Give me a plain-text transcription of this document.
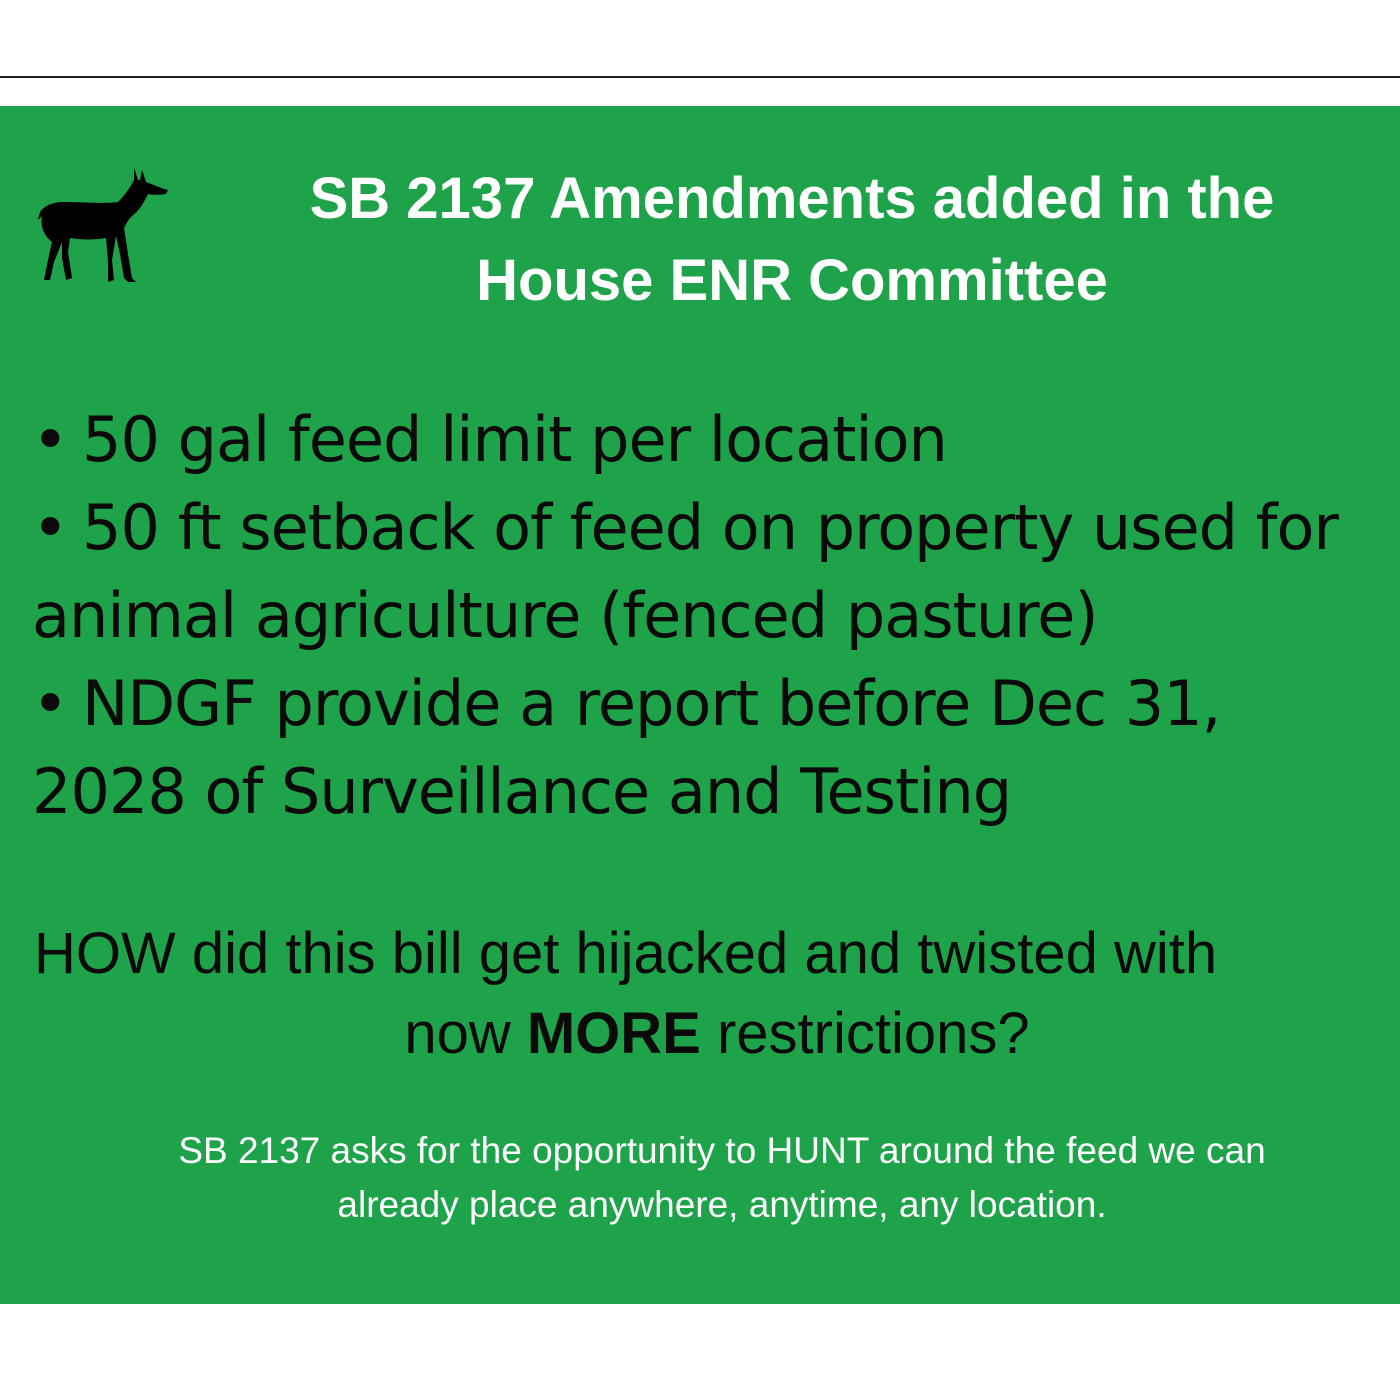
SB 2137 Amendments added in the
House ENR Committee
• 50 gal feed limit per location
• 50 ft setback of feed on property used for
animal agriculture (fenced pasture)
• NDGF provide a report before Dec 31,
2028 of Surveillance and Testing
HOW did this bill get hijacked and twisted with
now MORE restrictions?
SB 2137 asks for the opportunity to HUNT around the feed we can
already place anywhere, anytime, any location.
